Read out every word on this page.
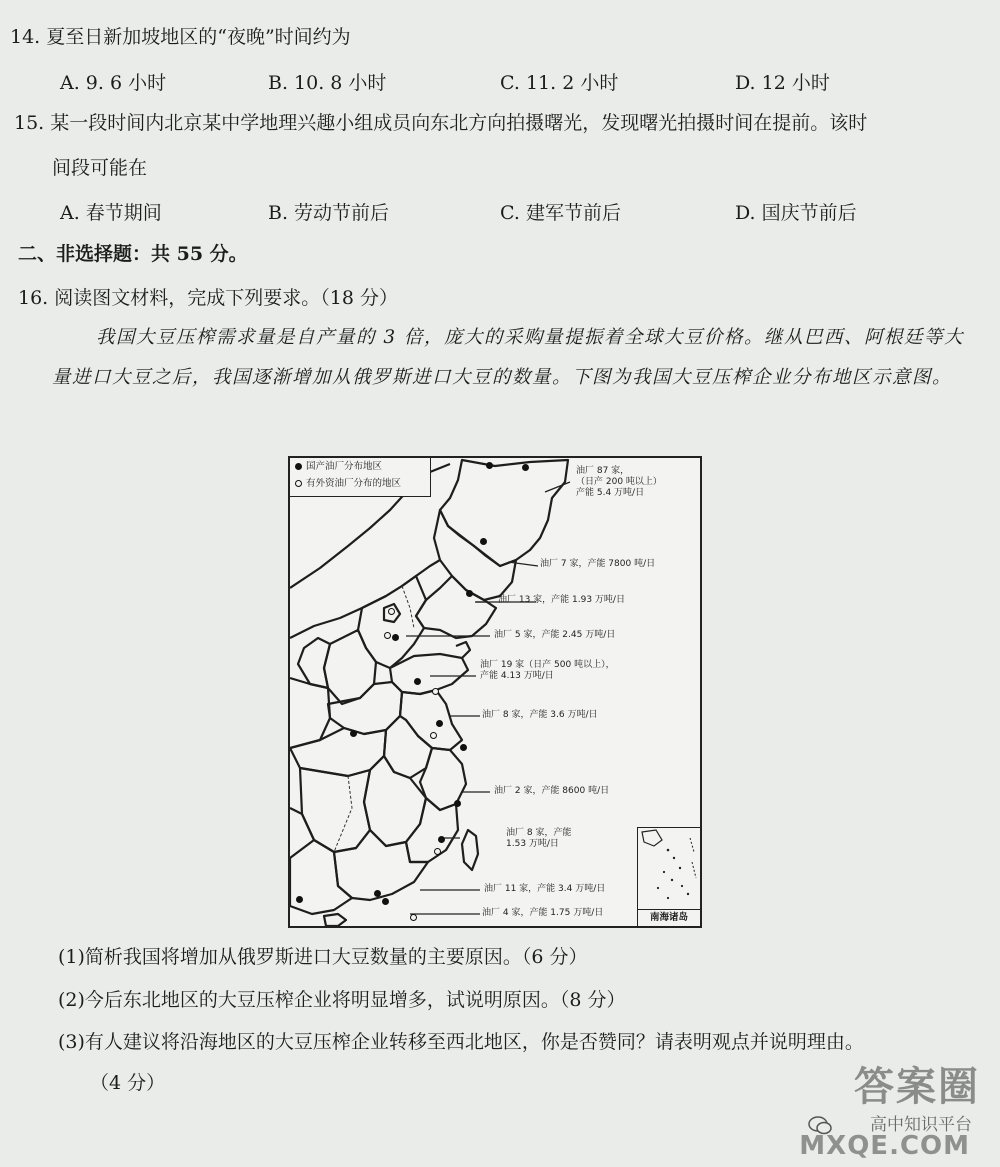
14. 夏至日新加坡地区的“夜晚”时间约为
A. 9. 6 小时	B. 10. 8 小时	C. 11. 2 小时	D. 12 小时
15. 某一段时间内北京某中学地理兴趣小组成员向东北方向拍摄曙光，发现曙光拍摄时间在提前。该时
间段可能在
A. 春节期间	B. 劳动节前后	C. 建军节前后	D. 国庆节前后
二、非选择题：共 55 分。
16. 阅读图文材料，完成下列要求。（18 分）
我国大豆压榨需求量是自产量的 3 倍，庞大的采购量提振着全球大豆价格。继从巴西、阿根廷等大量进口大豆之后，我国逐渐增加从俄罗斯进口大豆的数量。下图为我国大豆压榨企业分布地区示意图。
国产油厂分布地区
有外资油厂分布的地区
油厂 87 家，
（日产 200 吨以上）
产能 5.4 万吨/日
油厂 7 家，产能 7800 吨/日
油厂 13 家，产能 1.93 万吨/日
油厂 5 家，产能 2.45 万吨/日
油厂 19 家（日产 500 吨以上），
产能 4.13 万吨/日
油厂 8 家，产能 3.6 万吨/日
油厂 2 家，产能 8600 吨/日
油厂 8 家，产能
1.53 万吨/日
油厂 11 家，产能 3.4 万吨/日
油厂 4 家，产能 1.75 万吨/日	南海诸岛
(1)简析我国将增加从俄罗斯进口大豆数量的主要原因。（6 分）
(2)今后东北地区的大豆压榨企业将明显增多，试说明原因。（8 分）
(3)有人建议将沿海地区的大豆压榨企业转移至西北地区，你是否赞同？请表明观点并说明理由。
（4 分）	答案圈
高中知识平台
MXQE.COM
